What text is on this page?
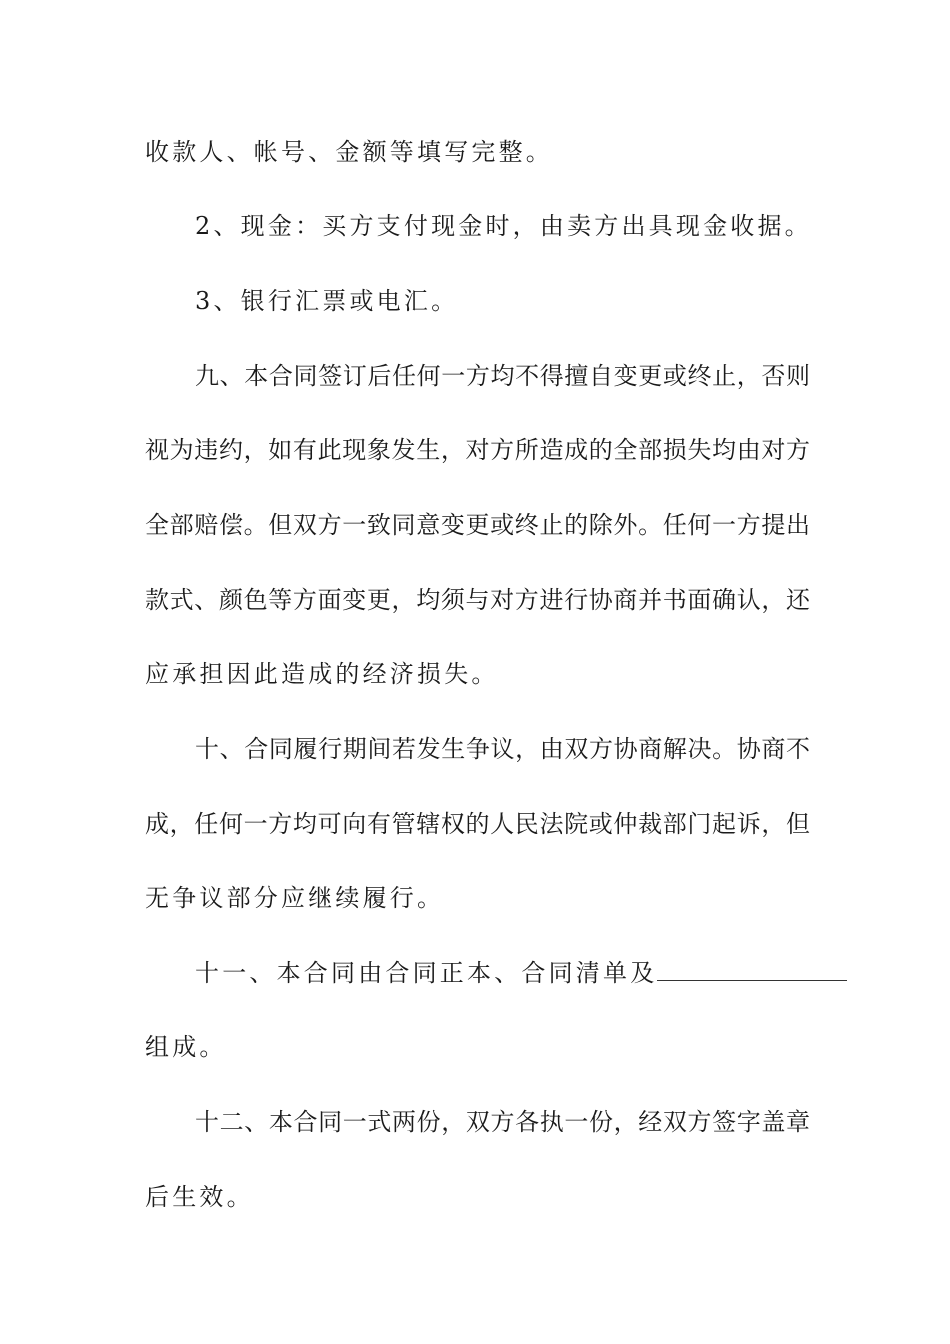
收款人、帐号、金额等填写完整。
2、现金：买方支付现金时，由卖方出具现金收据。
3、银行汇票或电汇。
九、本合同签订后任何一方均不得擅自变更或终止，否则
视为违约，如有此现象发生，对方所造成的全部损失均由对方
全部赔偿。但双方一致同意变更或终止的除外。任何一方提出
款式、颜色等方面变更，均须与对方进行协商并书面确认，还
应承担因此造成的经济损失。
十、合同履行期间若发生争议，由双方协商解决。协商不
成，任何一方均可向有管辖权的人民法院或仲裁部门起诉，但
无争议部分应继续履行。
十一、本合同由合同正本、合同清单及
组成。
十二、本合同一式两份，双方各执一份，经双方签字盖章
后生效。
